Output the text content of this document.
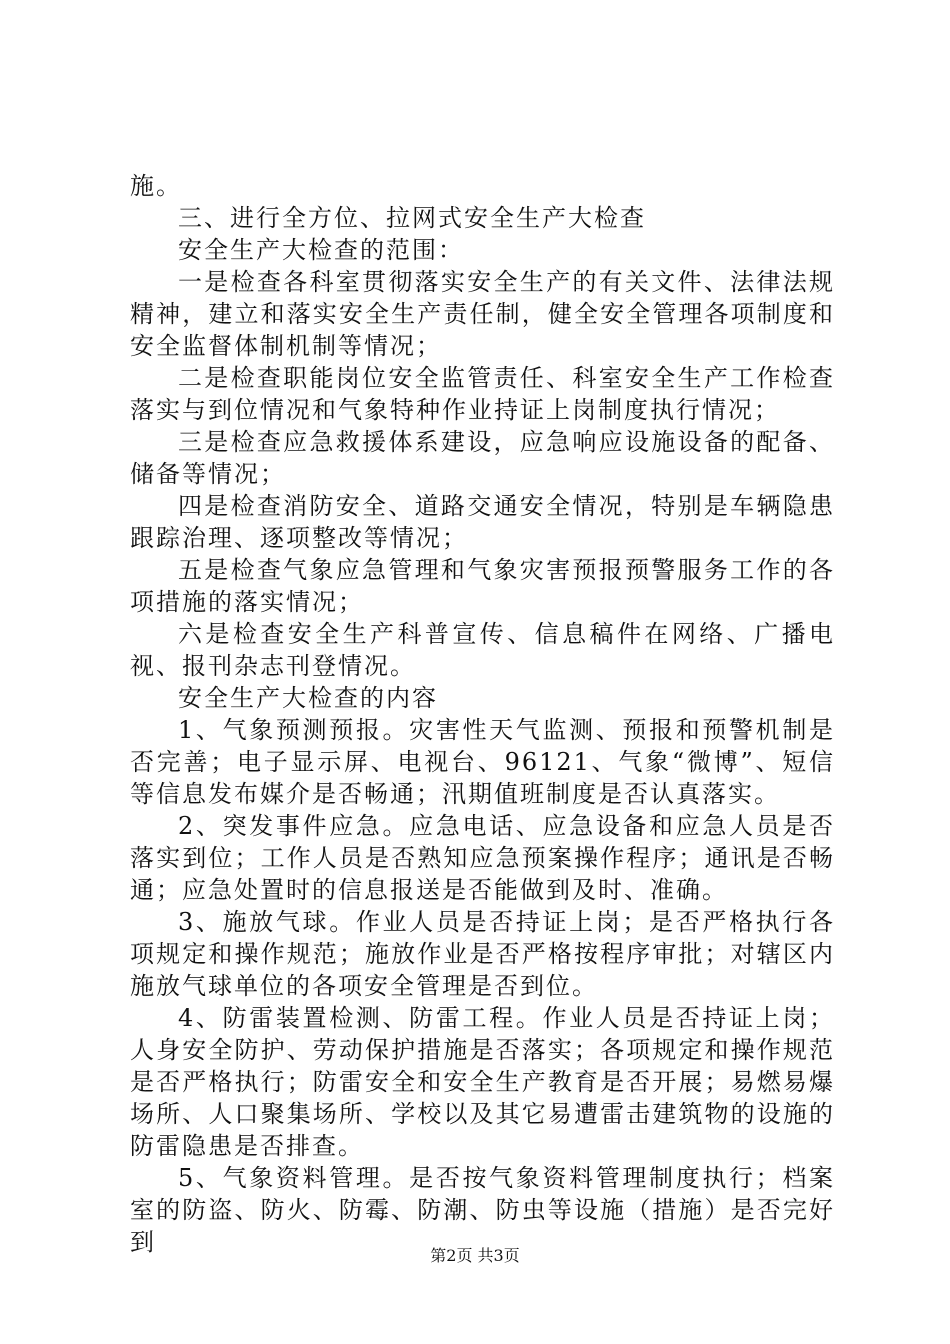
施。

三、进行全方位、拉网式安全生产大检查

安全生产大检查的范围：

一是检查各科室贯彻落实安全生产的有关文件、法律法规精神，建立和落实安全生产责任制，健全安全管理各项制度和安全监督体制机制等情况；

二是检查职能岗位安全监管责任、科室安全生产工作检查落实与到位情况和气象特种作业持证上岗制度执行情况；

三是检查应急救援体系建设，应急响应设施设备的配备、储备等情况；

四是检查消防安全、道路交通安全情况，特别是车辆隐患跟踪治理、逐项整改等情况；

五是检查气象应急管理和气象灾害预报预警服务工作的各项措施的落实情况；

六是检查安全生产科普宣传、信息稿件在网络、广播电视、报刊杂志刊登情况。

安全生产大检查的内容

1、气象预测预报。灾害性天气监测、预报和预警机制是否完善；电子显示屏、电视台、96121、气象“微博”、短信等信息发布媒介是否畅通；汛期值班制度是否认真落实。

2、突发事件应急。应急电话、应急设备和应急人员是否落实到位；工作人员是否熟知应急预案操作程序；通讯是否畅通；应急处置时的信息报送是否能做到及时、准确。

3、施放气球。作业人员是否持证上岗；是否严格执行各项规定和操作规范；施放作业是否严格按程序审批；对辖区内施放气球单位的各项安全管理是否到位。

4、防雷装置检测、防雷工程。作业人员是否持证上岗；人身安全防护、劳动保护措施是否落实；各项规定和操作规范是否严格执行；防雷安全和安全生产教育是否开展；易燃易爆场所、人口聚集场所、学校以及其它易遭雷击建筑物的设施的防雷隐患是否排查。

5、气象资料管理。是否按气象资料管理制度执行；档案室的防盗、防火、防霉、防潮、防虫等设施（措施）是否完好到	第2页 共3页
